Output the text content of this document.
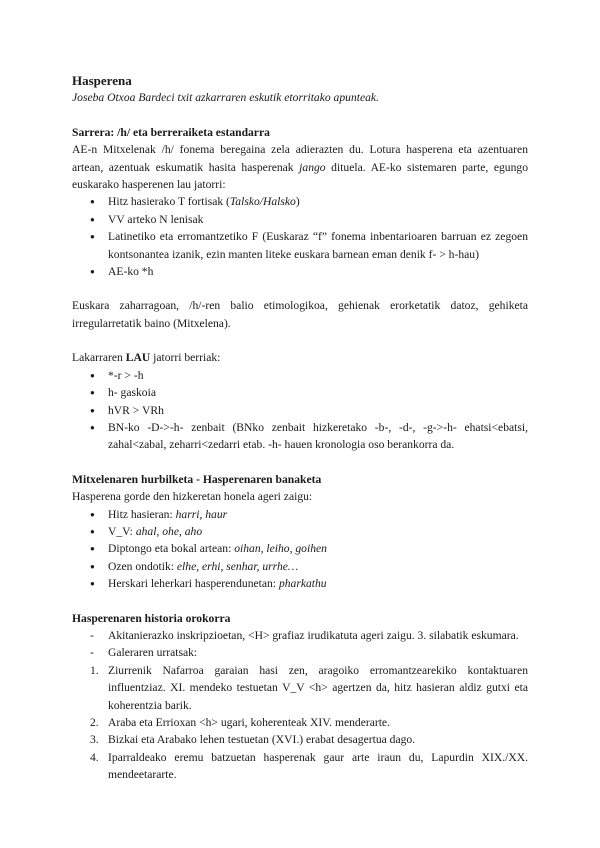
Hasperena

Joseba Otxoa Bardeci txit azkarraren eskutik etorritako apunteak.

Sarrera: /h/ eta berreraiketa estandarra

AE-n Mitxelenak /h/ fonema beregaina zela adierazten du. Lotura hasperena eta azentuaren artean, azentuak eskumatik hasita hasperenak jango dituela. AE-ko sistemaren parte, egungo euskarako hasperenen lau jatorri:

● Hitz hasierako T fortisak (Talsko/Halsko)
● VV arteko N lenisak
● Latinetiko eta erromantzetiko F (Euskaraz “f” fonema inbentarioaren barruan ez zegoen kontsonantea izanik, ezin manten liteke euskara barnean eman denik f- > h-hau)
● AE-ko *h

Euskara zaharragoan, /h/-ren balio etimologikoa, gehienak erorketatik datoz, gehiketa irregularretatik baino (Mitxelena).

Lakarraren LAU jatorri berriak:

● *-r > -h
● h- gaskoia
● hVR > VRh
● BN-ko -D->-h- zenbait (BNko zenbait hizkeretako -b-, -d-, -g->-h- ehatsi<ebatsi, zahal<zabal, zeharri<zedarri etab. -h- hauen kronologia oso berankorra da.

Mitxelenaren hurbilketa - Hasperenaren banaketa

Hasperena gorde den hizkeretan honela ageri zaigu:

● Hitz hasieran: harri, haur
● V_V: ahal, ohe, aho
● Diptongo eta bokal artean: oihan, leiho, goihen
● Ozen ondotik: elhe, erhi, senhar, urrhe…
● Herskari leherkari hasperendunetan: pharkathu

Hasperenaren historia orokorra

- Akitanierazko inskripzioetan, <H> grafiaz irudikatuta ageri zaigu. 3. silabatik eskumara.
- Galeraren urratsak:
1. Ziurrenik Nafarroa garaian hasi zen, aragoiko erromantzearekiko kontaktuaren influentziaz. XI. mendeko testuetan V_V <h> agertzen da, hitz hasieran aldiz gutxi eta koherentzia barik.
2. Araba eta Errioxan <h> ugari, koherenteak XIV. menderarte.
3. Bizkai eta Arabako lehen testuetan (XVI.) erabat desagertua dago.
4. Iparraldeako eremu batzuetan hasperenak gaur arte iraun du, Lapurdin XIX./XX. mendeetararte.
